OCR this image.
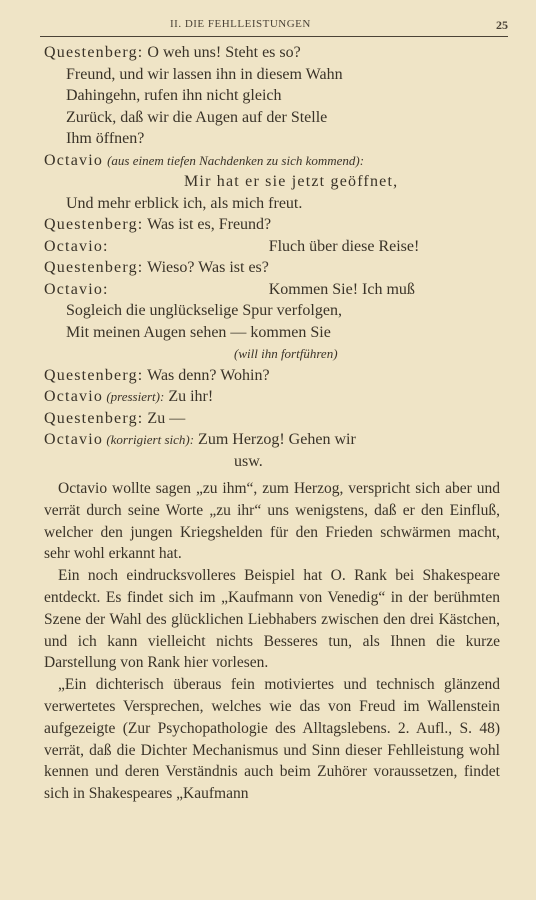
II. DIE FEHLLEISTUNGEN	25
Questenberg: O weh uns! Steht es so?
Freund, und wir lassen ihn in diesem Wahn
Dahingehn, rufen ihn nicht gleich
Zurück, daß wir die Augen auf der Stelle
Ihm öffnen?
Octavio (aus einem tiefen Nachdenken zu sich kommend):
Mir hat er sie jetzt geöffnet,
Und mehr erblick ich, als mich freut.
Questenberg: Was ist es, Freund?
Octavio:	Fluch über diese Reise!
Questenberg: Wieso? Was ist es?
Octavio:	Kommen Sie! Ich muß
Sogleich die unglückselige Spur verfolgen,
Mit meinen Augen sehen — kommen Sie
(will ihn fortführen)
Questenberg: Was denn? Wohin?
Octavio (pressiert): Zu ihr!
Questenberg: Zu —
Octavio (korrigiert sich): Zum Herzog! Gehen wir
usw.

Octavio wollte sagen „zu ihm“, zum Herzog, verspricht sich aber und verrät durch seine Worte „zu ihr“ uns wenigstens, daß er den Einfluß, welcher den jungen Kriegshelden für den Frieden schwärmen macht, sehr wohl erkannt hat.

Ein noch eindrucksvolleres Beispiel hat O. Rank bei Shakespeare entdeckt. Es findet sich im „Kaufmann von Venedig“ in der berühmten Szene der Wahl des glücklichen Liebhabers zwischen den drei Kästchen, und ich kann vielleicht nichts Besseres tun, als Ihnen die kurze Darstellung von Rank hier vorlesen.

„Ein dichterisch überaus fein motiviertes und technisch glänzend verwertetes Versprechen, welches wie das von Freud im Wallenstein aufgezeigte (Zur Psychopathologie des Alltagslebens. 2. Aufl., S. 48) verrät, daß die Dichter Mechanismus und Sinn dieser Fehlleistung wohl kennen und deren Verständnis auch beim Zuhörer voraussetzen, findet sich in Shakespeares „Kaufmann
